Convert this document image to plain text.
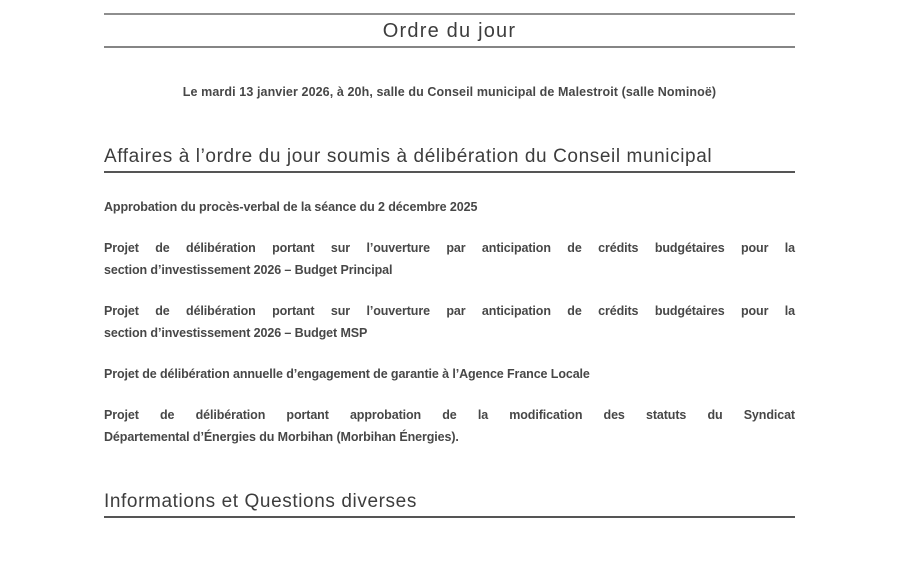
Ordre du jour

Le mardi 13 janvier 2026, à 20h, salle du Conseil municipal de Malestroit (salle Nominoë)

Affaires à l’ordre du jour soumis à délibération du Conseil municipal
Approbation du procès-verbal de la séance du 2 décembre 2025
Projet de délibération portant sur l’ouverture par anticipation de crédits budgétaires pour la
section d’investissement 2026 – Budget Principal
Projet de délibération portant sur l’ouverture par anticipation de crédits budgétaires pour la
section d’investissement 2026 – Budget MSP
Projet de délibération annuelle d’engagement de garantie à l’Agence France Locale
Projet de délibération portant approbation de la modification des statuts du Syndicat
Départemental d’Énergies du Morbihan (Morbihan Énergies).
Informations et Questions diverses
